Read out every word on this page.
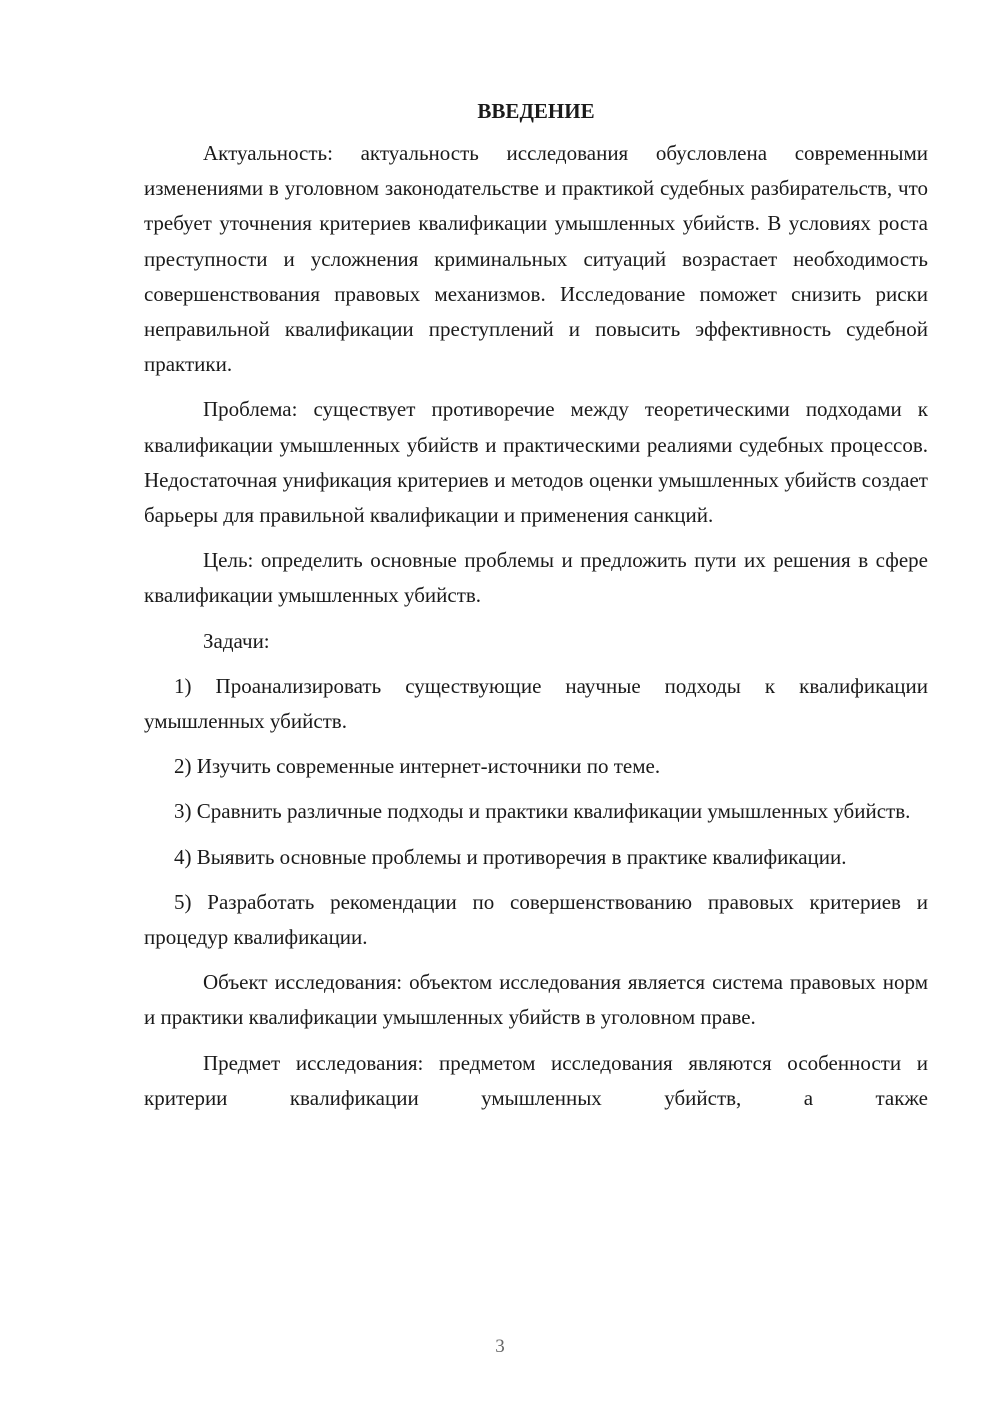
ВВЕДЕНИЕ

Актуальность: актуальность исследования обусловлена современными изменениями в уголовном законодательстве и практикой судебных разбирательств, что требует уточнения критериев квалификации умышленных убийств. В условиях роста преступности и усложнения криминальных ситуаций возрастает необходимость совершенствования правовых механизмов. Исследование поможет снизить риски неправильной квалификации преступлений и повысить эффективность судебной практики.

Проблема: существует противоречие между теоретическими подходами к квалификации умышленных убийств и практическими реалиями судебных процессов. Недостаточная унификация критериев и методов оценки умышленных убийств создает барьеры для правильной квалификации и применения санкций.

Цель: определить основные проблемы и предложить пути их решения в сфере квалификации умышленных убийств.

Задачи:

1) Проанализировать существующие научные подходы к квалификации умышленных убийств.

2) Изучить современные интернет-источники по теме.

3) Сравнить различные подходы и практики квалификации умышленных убийств.

4) Выявить основные проблемы и противоречия в практике квалификации.

5) Разработать рекомендации по совершенствованию правовых критериев и процедур квалификации.

Объект исследования: объектом исследования является система правовых норм и практики квалификации умышленных убийств в уголовном праве.

Предмет исследования: предметом исследования являются особенности и критерии квалификации умышленных убийств, а также

3
